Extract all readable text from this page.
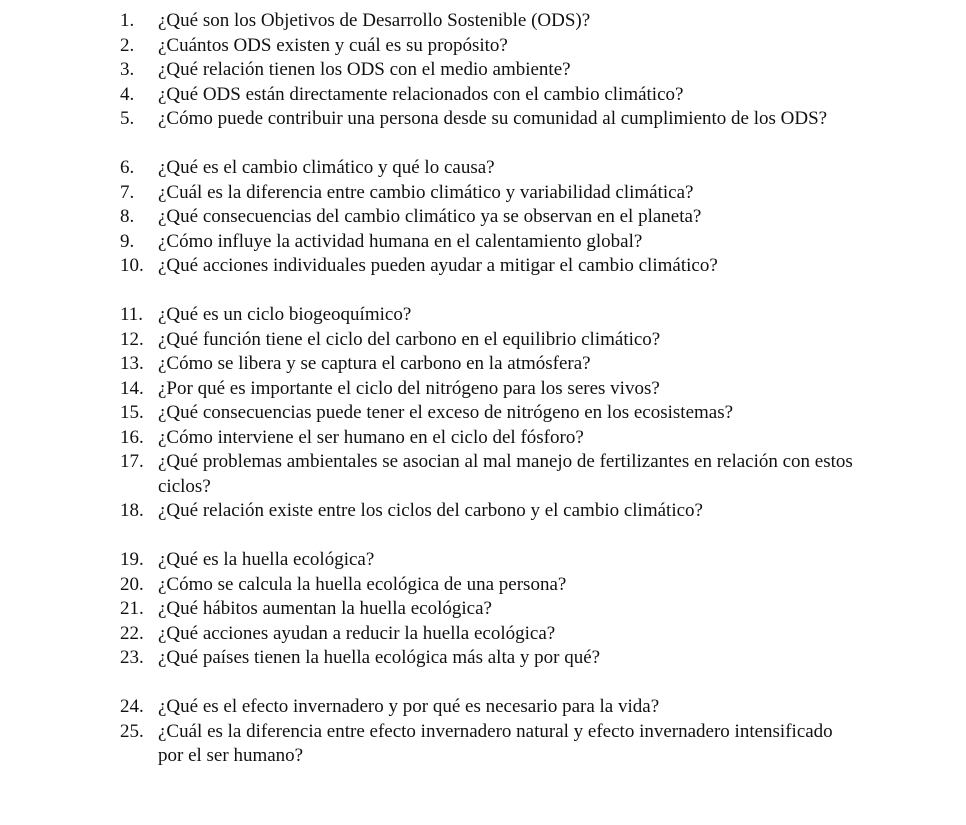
1.	¿Qué son los Objetivos de Desarrollo Sostenible (ODS)?
2.	¿Cuántos ODS existen y cuál es su propósito?
3.	¿Qué relación tienen los ODS con el medio ambiente?
4.	¿Qué ODS están directamente relacionados con el cambio climático?
5.	¿Cómo puede contribuir una persona desde su comunidad al cumplimiento de los ODS?
6.	¿Qué es el cambio climático y qué lo causa?
7.	¿Cuál es la diferencia entre cambio climático y variabilidad climática?
8.	¿Qué consecuencias del cambio climático ya se observan en el planeta?
9.	¿Cómo influye la actividad humana en el calentamiento global?
10. ¿Qué acciones individuales pueden ayudar a mitigar el cambio climático?
11. ¿Qué es un ciclo biogeoquímico?
12. ¿Qué función tiene el ciclo del carbono en el equilibrio climático?
13. ¿Cómo se libera y se captura el carbono en la atmósfera?
14. ¿Por qué es importante el ciclo del nitrógeno para los seres vivos?
15. ¿Qué consecuencias puede tener el exceso de nitrógeno en los ecosistemas?
16. ¿Cómo interviene el ser humano en el ciclo del fósforo?
17. ¿Qué problemas ambientales se asocian al mal manejo de fertilizantes en relación con estos ciclos?
18. ¿Qué relación existe entre los ciclos del carbono y el cambio climático?
19. ¿Qué es la huella ecológica?
20. ¿Cómo se calcula la huella ecológica de una persona?
21. ¿Qué hábitos aumentan la huella ecológica?
22. ¿Qué acciones ayudan a reducir la huella ecológica?
23. ¿Qué países tienen la huella ecológica más alta y por qué?
24. ¿Qué es el efecto invernadero y por qué es necesario para la vida?
25. ¿Cuál es la diferencia entre efecto invernadero natural y efecto invernadero intensificado por el ser humano?
